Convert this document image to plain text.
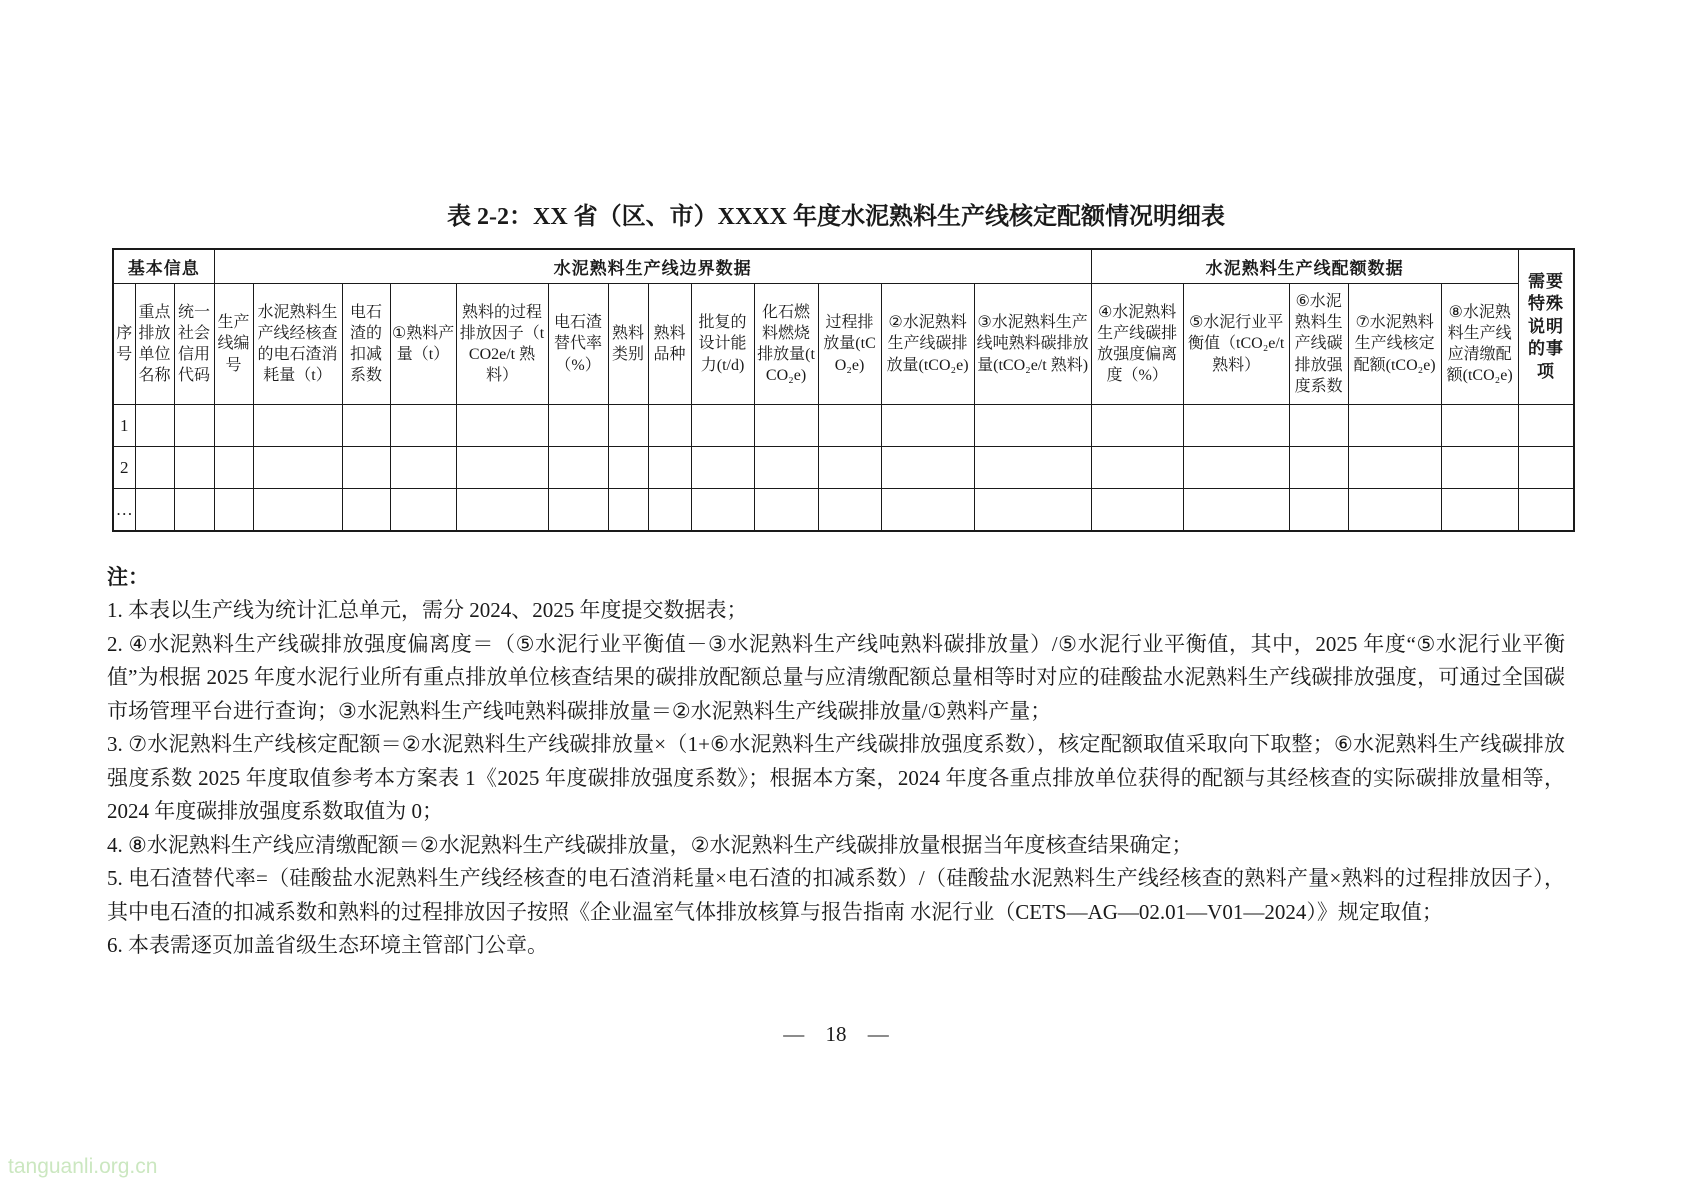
表 2-2：XX 省（区、市）XXXX 年度水泥熟料生产线核定配额情况明细表
基本信息			水泥熟料生产线边界数据													水泥熟料生产线配额数据					需要特殊说明的事项
序号	重点排放单位名称	统一社会信用代码	生产线编号	水泥熟料生产线经核查的电石渣消耗量（t）	电石渣的扣减系数	①熟料产量（t）	熟料的过程排放因子（tCO2e/t 熟料）	电石渣替代率（%）	熟料类别	熟料品种	批复的设计能力(t/d)	化石燃料燃烧排放量(tCO₂e)	过程排放量(tCO₂e)	②水泥熟料生产线碳排放量(tCO₂e)	③水泥熟料生产线吨熟料碳排放量(tCO₂e/t 熟料)	④水泥熟料生产线碳排放强度偏离度（%）	⑤水泥行业平衡值（tCO₂e/t 熟料）	⑥水泥熟料生产线碳排放强度系数	⑦水泥熟料生产线核定配额(tCO₂e)	⑧水泥熟料生产线应清缴配额(tCO₂e)	
1																					
2																					
…																					

注：

1. 本表以生产线为统计汇总单元，需分 2024、2025 年度提交数据表；

2. ④水泥熟料生产线碳排放强度偏离度＝（⑤水泥行业平衡值－③水泥熟料生产线吨熟料碳排放量）/⑤水泥行业平衡值，其中，2025 年度“⑤水泥行业平衡值”为根据 2025 年度水泥行业所有重点排放单位核查结果的碳排放配额总量与应清缴配额总量相等时对应的硅酸盐水泥熟料生产线碳排放强度，可通过全国碳市场管理平台进行查询；③水泥熟料生产线吨熟料碳排放量＝②水泥熟料生产线碳排放量/①熟料产量；

3. ⑦水泥熟料生产线核定配额＝②水泥熟料生产线碳排放量×（1+⑥水泥熟料生产线碳排放强度系数），核定配额取值采取向下取整；⑥水泥熟料生产线碳排放强度系数 2025 年度取值参考本方案表 1《2025 年度碳排放强度系数》；根据本方案，2024 年度各重点排放单位获得的配额与其经核查的实际碳排放量相等，2024 年度碳排放强度系数取值为 0；

4. ⑧水泥熟料生产线应清缴配额＝②水泥熟料生产线碳排放量，②水泥熟料生产线碳排放量根据当年度核查结果确定；

5. 电石渣替代率=（硅酸盐水泥熟料生产线经核查的电石渣消耗量×电石渣的扣减系数）/（硅酸盐水泥熟料生产线经核查的熟料产量×熟料的过程排放因子），其中电石渣的扣减系数和熟料的过程排放因子按照《企业温室气体排放核算与报告指南 水泥行业（CETS—AG—02.01—V01—2024）》规定取值；

6. 本表需逐页加盖省级生态环境主管部门公章。

— 18 —
tanguanli.org.cn
